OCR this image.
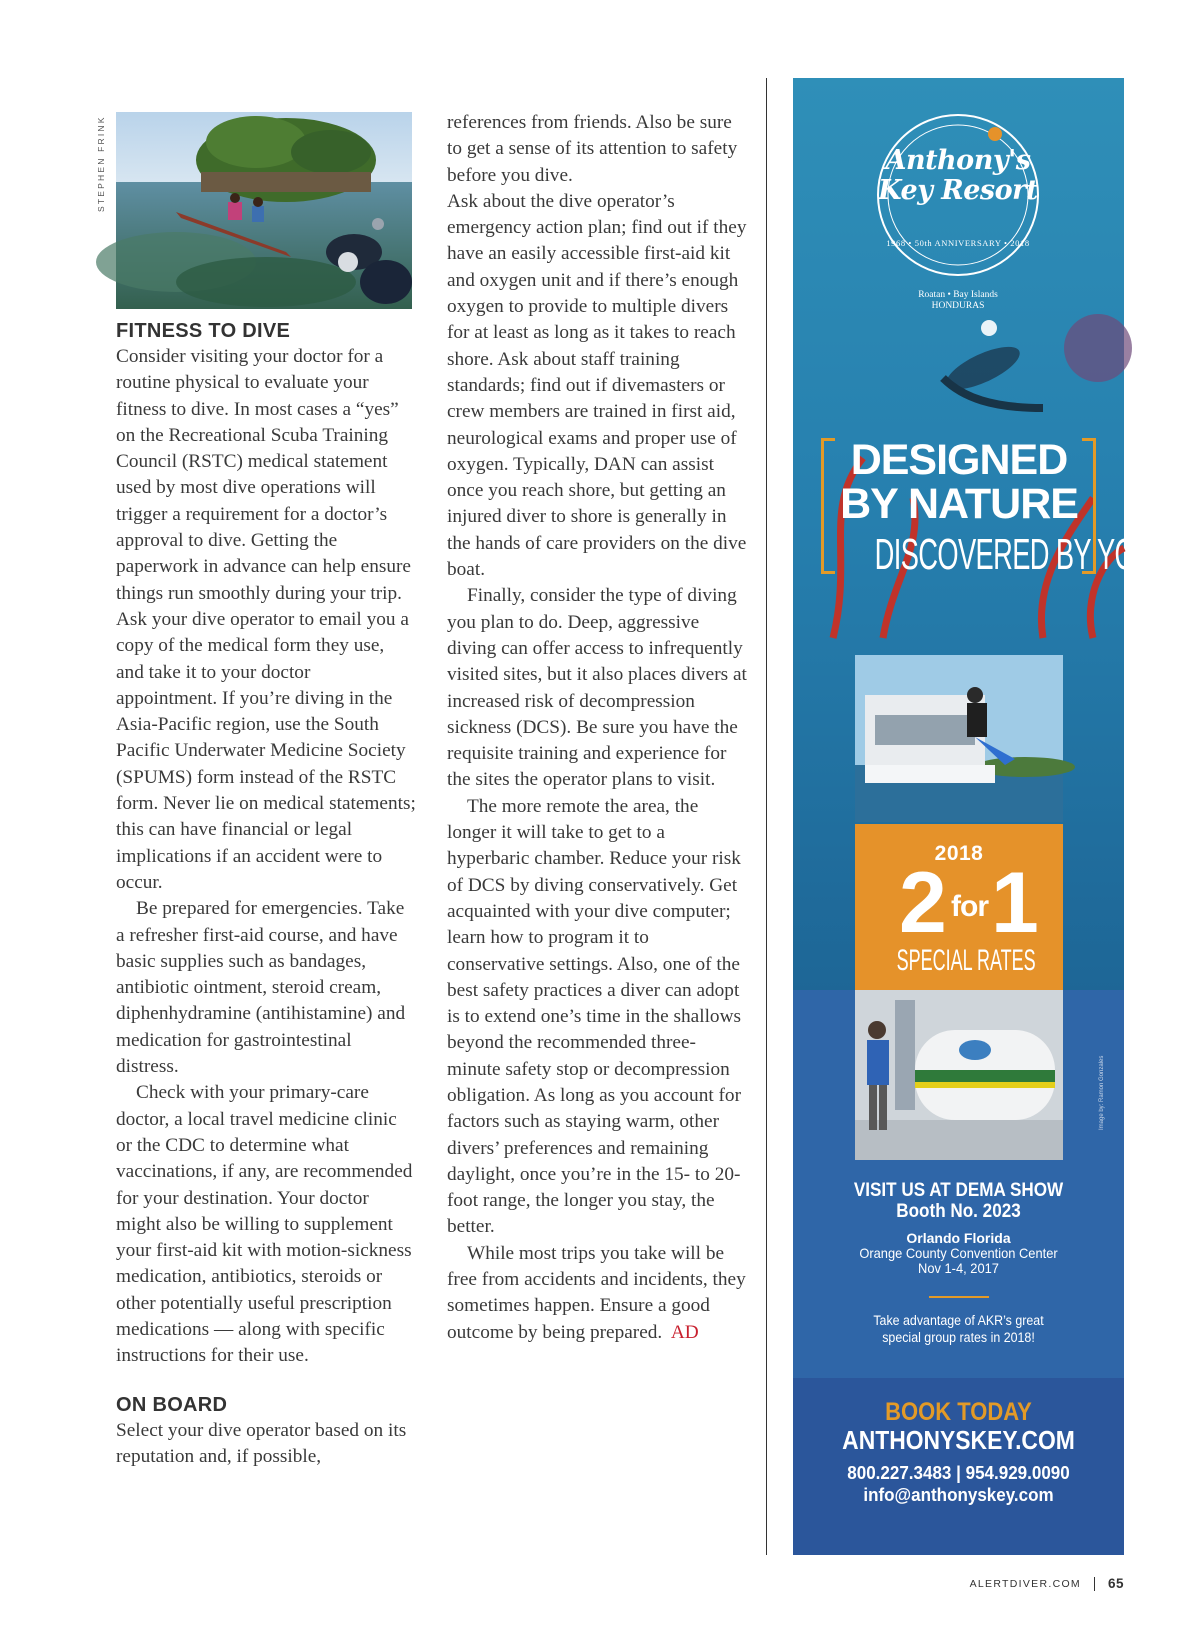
STEPHEN FRINK
FITNESS TO DIVE

Consider visiting your doctor for a routine physical to evaluate your fitness to dive. In most cases a “yes” on the Recreational Scuba Training Council (RSTC) medical statement used by most dive operations will trigger a requirement for a doctor’s approval to dive. Getting the paperwork in advance can help ensure things run smoothly during your trip. Ask your dive operator to email you a copy of the medical form they use, and take it to your doctor appointment. If you’re diving in the Asia-Pacific region, use the South Pacific Underwater Medicine Society (SPUMS) form instead of the RSTC form. Never lie on medical statements; this can have financial or legal implications if an accident were to occur.

Be prepared for emergencies. Take a refresher first-aid course, and have basic supplies such as bandages, antibiotic ointment, steroid cream, diphenhydramine (antihistamine) and medication for gastrointestinal distress.

Check with your primary-care doctor, a local travel medicine clinic or the CDC to determine what vaccinations, if any, are recommended for your destination. Your doctor might also be willing to supplement your first-aid kit with motion-sickness medication, antibiotics, steroids or other potentially useful prescription medications — along with specific instructions for their use.

ON BOARD

Select your dive operator based on its reputation and, if possible,

references from friends. Also be sure to get a sense of its attention to safety before you dive.

Ask about the dive operator’s emergency action plan; find out if they have an easily accessible first-aid kit and oxygen unit and if there’s enough oxygen to provide to multiple divers for at least as long as it takes to reach shore. Ask about staff training standards; find out if divemasters or crew members are trained in first aid, neurological exams and proper use of oxygen. Typically, DAN can assist once you reach shore, but getting an injured diver to shore is generally in the hands of care providers on the dive boat.

Finally, consider the type of diving you plan to do. Deep, aggressive diving can offer access to infrequently visited sites, but it also places divers at increased risk of decompression sickness (DCS). Be sure you have the requisite training and experience for the sites the operator plans to visit.

The more remote the area, the longer it will take to get to a hyperbaric chamber. Reduce your risk of DCS by diving conservatively. Get acquainted with your dive computer; learn how to program it to conservative settings. Also, one of the best safety practices a diver can adopt is to extend one’s time in the shallows beyond the recommended three-minute safety stop or decompression obligation. As long as you account for factors such as staying warm, other divers’ preferences and remaining daylight, once you’re in the 15- to 20-foot range, the longer you stay, the better.

While most trips you take will be free from accidents and incidents, they sometimes happen. Ensure a good outcome by being prepared. AD

Anthony's
Key Resort
1968 • 50th ANNIVERSARY • 2018
Roatan • Bay Islands
HONDURAS
DESIGNED
BY NATURE
DISCOVERED BY YOU
2018
2 for 1
SPECIAL RATES
Image by: Ramon Gonzales
VISIT US AT DEMA SHOW
Booth No. 2023
Orlando Florida
Orange County Convention Center
Nov 1-4, 2017
Take advantage of AKR’s great
special group rates in 2018!
BOOK TODAY
ANTHONYSKEY.COM
800.227.3483 | 954.929.0090
info@anthonyskey.com
ALERTDIVER.COM 65
